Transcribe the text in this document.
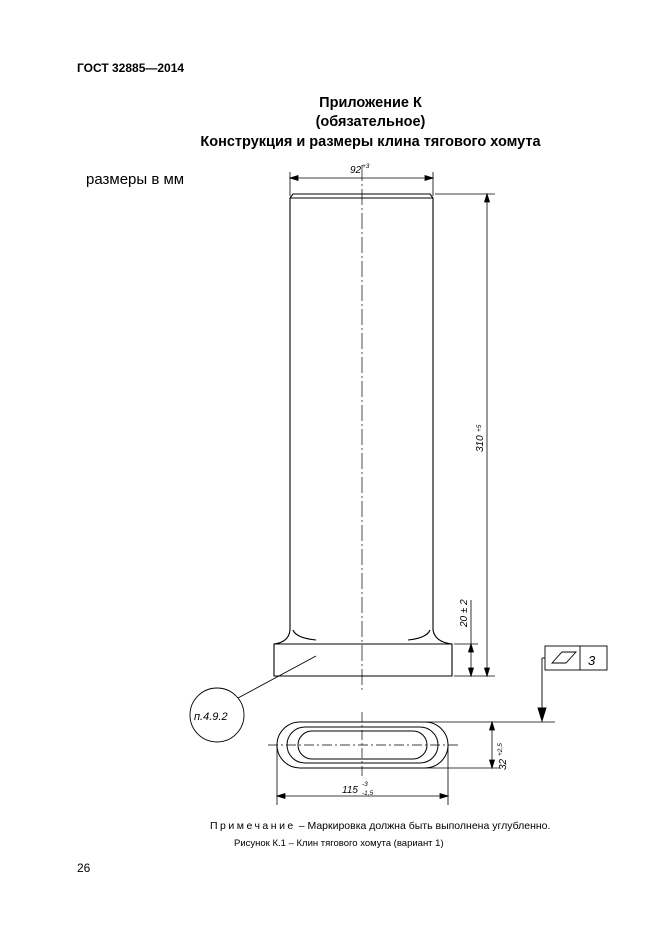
ГОСТ 32885—2014
Приложение К
(обязательное)
Конструкция и размеры клина тягового хомута
размеры в мм
92 +3
310
+5
20 ± 2
3
п.4.9.2
32
+2,5
115
-3
-1,5
Примечание – Маркировка должна быть выполнена углубленно.
Рисунок К.1 – Клин тягового хомута (вариант 1)
26
